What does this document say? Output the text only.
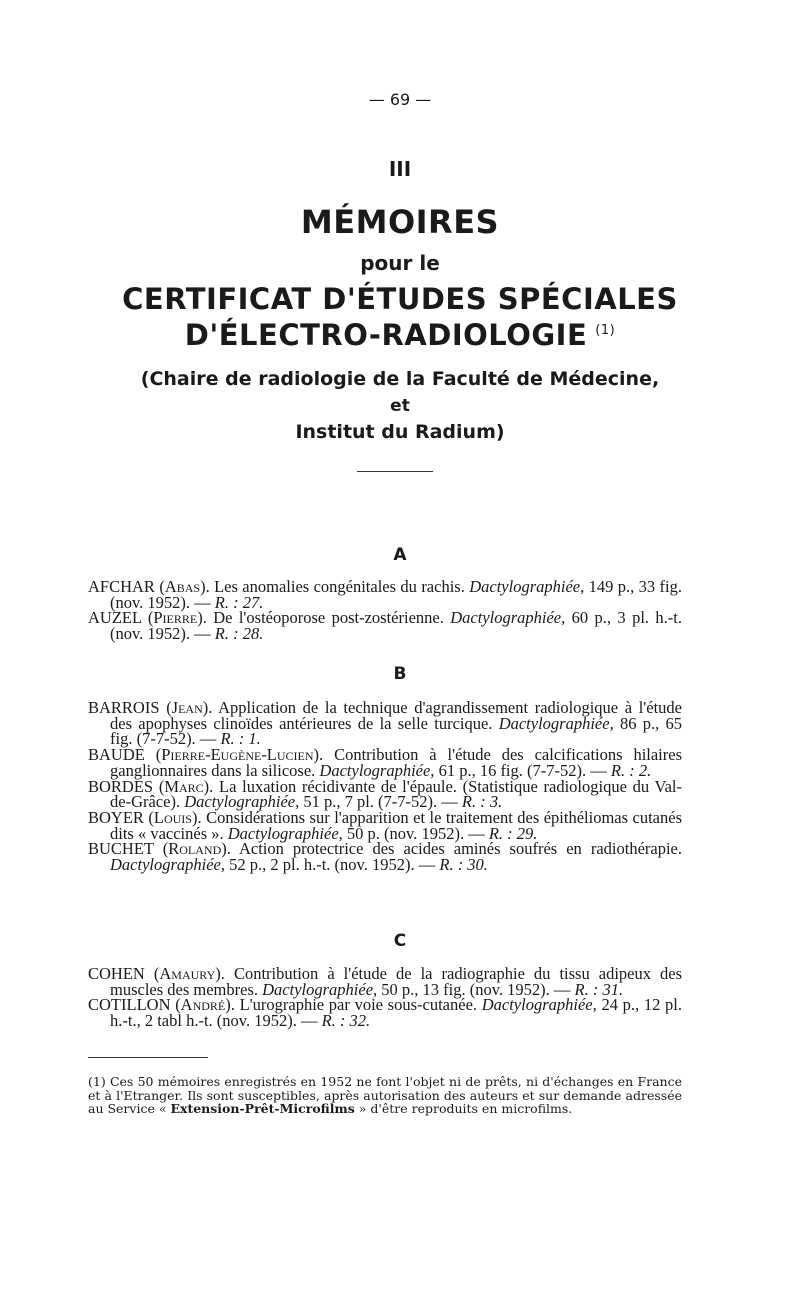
— 69 —
III
MÉMOIRES
pour le
CERTIFICAT D'ÉTUDES SPÉCIALES
D'ÉLECTRO-RADIOLOGIE $^{(1)}$
(Chaire de radiologie de la Faculté de Médecine,
et
Institut du Radium)
A

AFCHAR (Abas). Les anomalies congénitales du rachis. Dactylographiée, 149 p., 33 fig. (nov. 1952). — R. : 27.

AUZEL (Pierre). De l'ostéoporose post-zostérienne. Dactylographiée, 60 p., 3 pl. h.-t. (nov. 1952). — R. : 28.

B

BARROIS (Jean). Application de la technique d'agrandissement radiologique à l'étude des apophyses clinoïdes antérieures de la selle turcique. Dactylographiée, 86 p., 65 fig. (7-7-52). — R. : 1.

BAUDE (Pierre-Eugène-Lucien). Contribution à l'étude des calcifications hilaires ganglionnaires dans la silicose. Dactylographiée, 61 p., 16 fig. (7-7-52). — R. : 2.

BORDES (Marc). La luxation récidivante de l'épaule. (Statistique radiologique du Val-de-Grâce). Dactylographiée, 51 p., 7 pl. (7-7-52). — R. : 3.

BOYER (Louis). Considérations sur l'apparition et le traitement des épithéliomas cutanés dits « vaccinés ». Dactylographiée, 50 p. (nov. 1952). — R. : 29.

BUCHET (Roland). Action protectrice des acides aminés soufrés en radiothérapie. Dactylographiée, 52 p., 2 pl. h.-t. (nov. 1952). — R. : 30.

C

COHEN (Amaury). Contribution à l'étude de la radiographie du tissu adipeux des muscles des membres. Dactylographiée, 50 p., 13 fig. (nov. 1952). — R. : 31.

COTILLON (André). L'urographie par voie sous-cutanée. Dactylographiée, 24 p., 12 pl. h.-t., 2 tabl h.-t. (nov. 1952). — R. : 32.

(1) Ces 50 mémoires enregistrés en 1952 ne font l'objet ni de prêts, ni d'échanges en France et à l'Etranger. Ils sont susceptibles, après autorisation des auteurs et sur demande adressée au Service « Extension-Prêt-Microfilms » d'être reproduits en microfilms.
